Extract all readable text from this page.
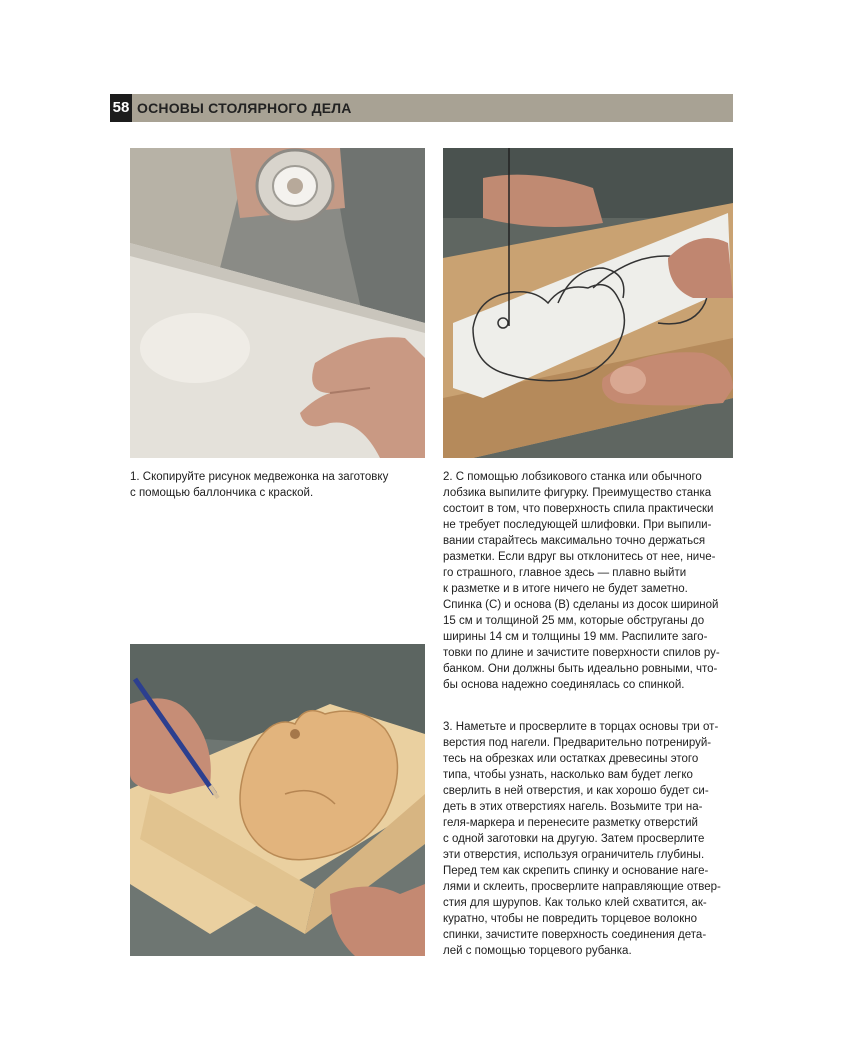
58 ОСНОВЫ СТОЛЯРНОГО ДЕЛА

1. Скопируйте рисунок медвежонка на заготовку

с помощью баллончика с краской.

2. С помощью лобзикового станка или обычного

лобзика выпилите фигурку. Преимущество станка

состоит в том, что поверхность спила практически

не требует последующей шлифовки. При выпили-

вании старайтесь максимально точно держаться

разметки. Если вдруг вы отклонитесь от нее, ниче-

го страшного, главное здесь — плавно выйти

к разметке и в итоге ничего не будет заметно.

Спинка (С) и основа (В) сделаны из досок шириной

15 см и толщиной 25 мм, которые обструганы до

ширины 14 см и толщины 19 мм. Распилите заго-

товки по длине и зачистите поверхности спилов ру-

банком. Они должны быть идеально ровными, что-

бы основа надежно соединялась со спинкой.

3. Наметьте и просверлите в торцах основы три от-

верстия под нагели. Предварительно потренируй-

тесь на обрезках или остатках древесины этого

типа, чтобы узнать, насколько вам будет легко

сверлить в ней отверстия, и как хорошо будет си-

деть в этих отверстиях нагель. Возьмите три на-

геля-маркера и перенесите разметку отверстий

с одной заготовки на другую. Затем просверлите

эти отверстия, используя ограничитель глубины.

Перед тем как скрепить спинку и основание наге-

лями и склеить, просверлите направляющие отвер-

стия для шурупов. Как только клей схватится, ак-

куратно, чтобы не повредить торцевое волокно

спинки, зачистите поверхность соединения дета-

лей с помощью торцевого рубанка.
